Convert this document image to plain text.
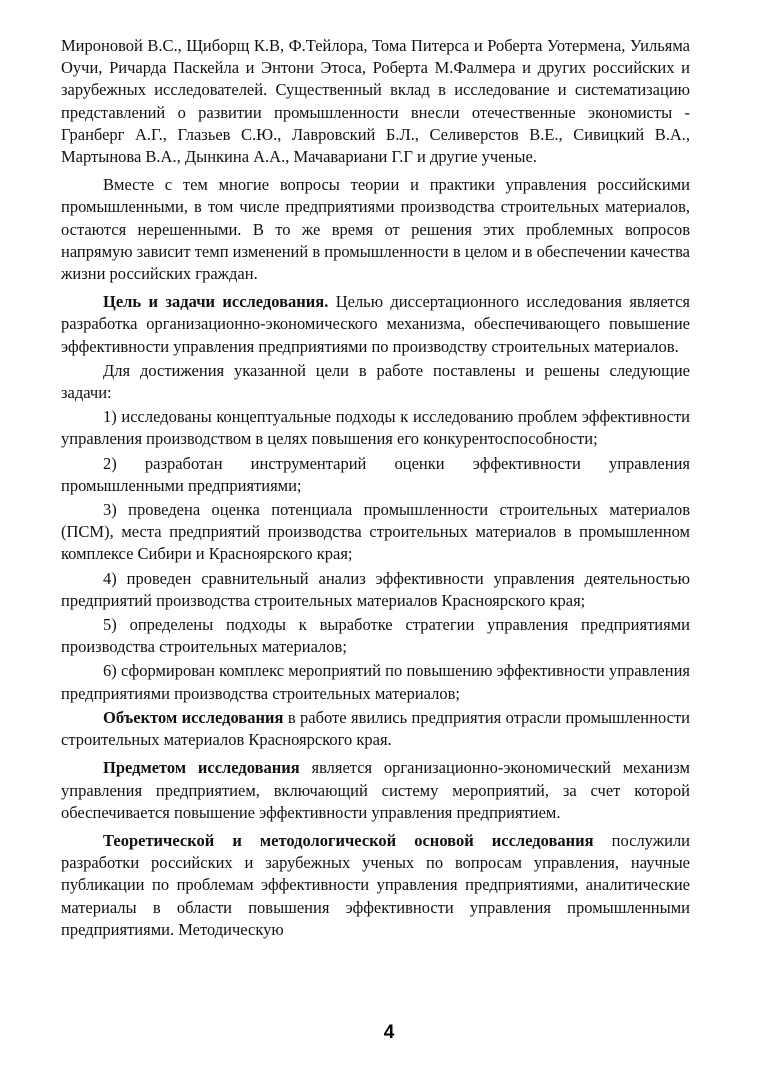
Мироновой В.С., Щиборщ К.В, Ф.Тейлора, Тома Питерса и Роберта Уотермена, Уильяма Оучи, Ричарда Паскейла и Энтони Этоса, Роберта М.Фалмера и других российских и зарубежных исследователей. Существенный вклад в исследование и систематизацию представлений о развитии промышленности внесли отечественные экономисты - Гранберг А.Г., Глазьев С.Ю., Лавровский Б.Л., Селиверстов В.Е., Сивицкий В.А., Мартынова В.А., Дынкина А.А., Мачавариани Г.Г и другие ученые.

Вместе с тем многие вопросы теории и практики управления российскими промышленными, в том числе предприятиями производства строительных материалов, остаются нерешенными. В то же время от решения этих проблемных вопросов напрямую зависит темп изменений в промышленности в целом и в обеспечении качества жизни российских граждан.

Цель и задачи исследования. Целью диссертационного исследования является разработка организационно-экономического механизма, обеспечивающего повышение эффективности управления предприятиями по производству строительных материалов.

Для достижения указанной цели в работе поставлены и решены следующие задачи:

1) исследованы концептуальные подходы к исследованию проблем эффективности управления производством в целях повышения его конкурентоспособности;

2) разработан инструментарий оценки эффективности управления промышленными предприятиями;

3) проведена оценка потенциала промышленности строительных материалов (ПСМ), места предприятий производства строительных материалов в промышленном комплексе Сибири и Красноярского края;

4) проведен сравнительный анализ эффективности управления деятельностью предприятий производства строительных материалов Красноярского края;

5) определены подходы к выработке стратегии управления предприятиями производства строительных материалов;

6) сформирован комплекс мероприятий по повышению эффективности управления предприятиями производства строительных материалов;

Объектом исследования в работе явились предприятия отрасли промышленности строительных материалов Красноярского края.

Предметом исследования является организационно-экономический механизм управления предприятием, включающий систему мероприятий, за счет которой обеспечивается повышение эффективности управления предприятием.

Теоретической и методологической основой исследования послужили разработки российских и зарубежных ученых по вопросам управления, научные публикации по проблемам эффективности управления предприятиями, аналитические материалы в области повышения эффективности управления промышленными предприятиями. Методическую

4
